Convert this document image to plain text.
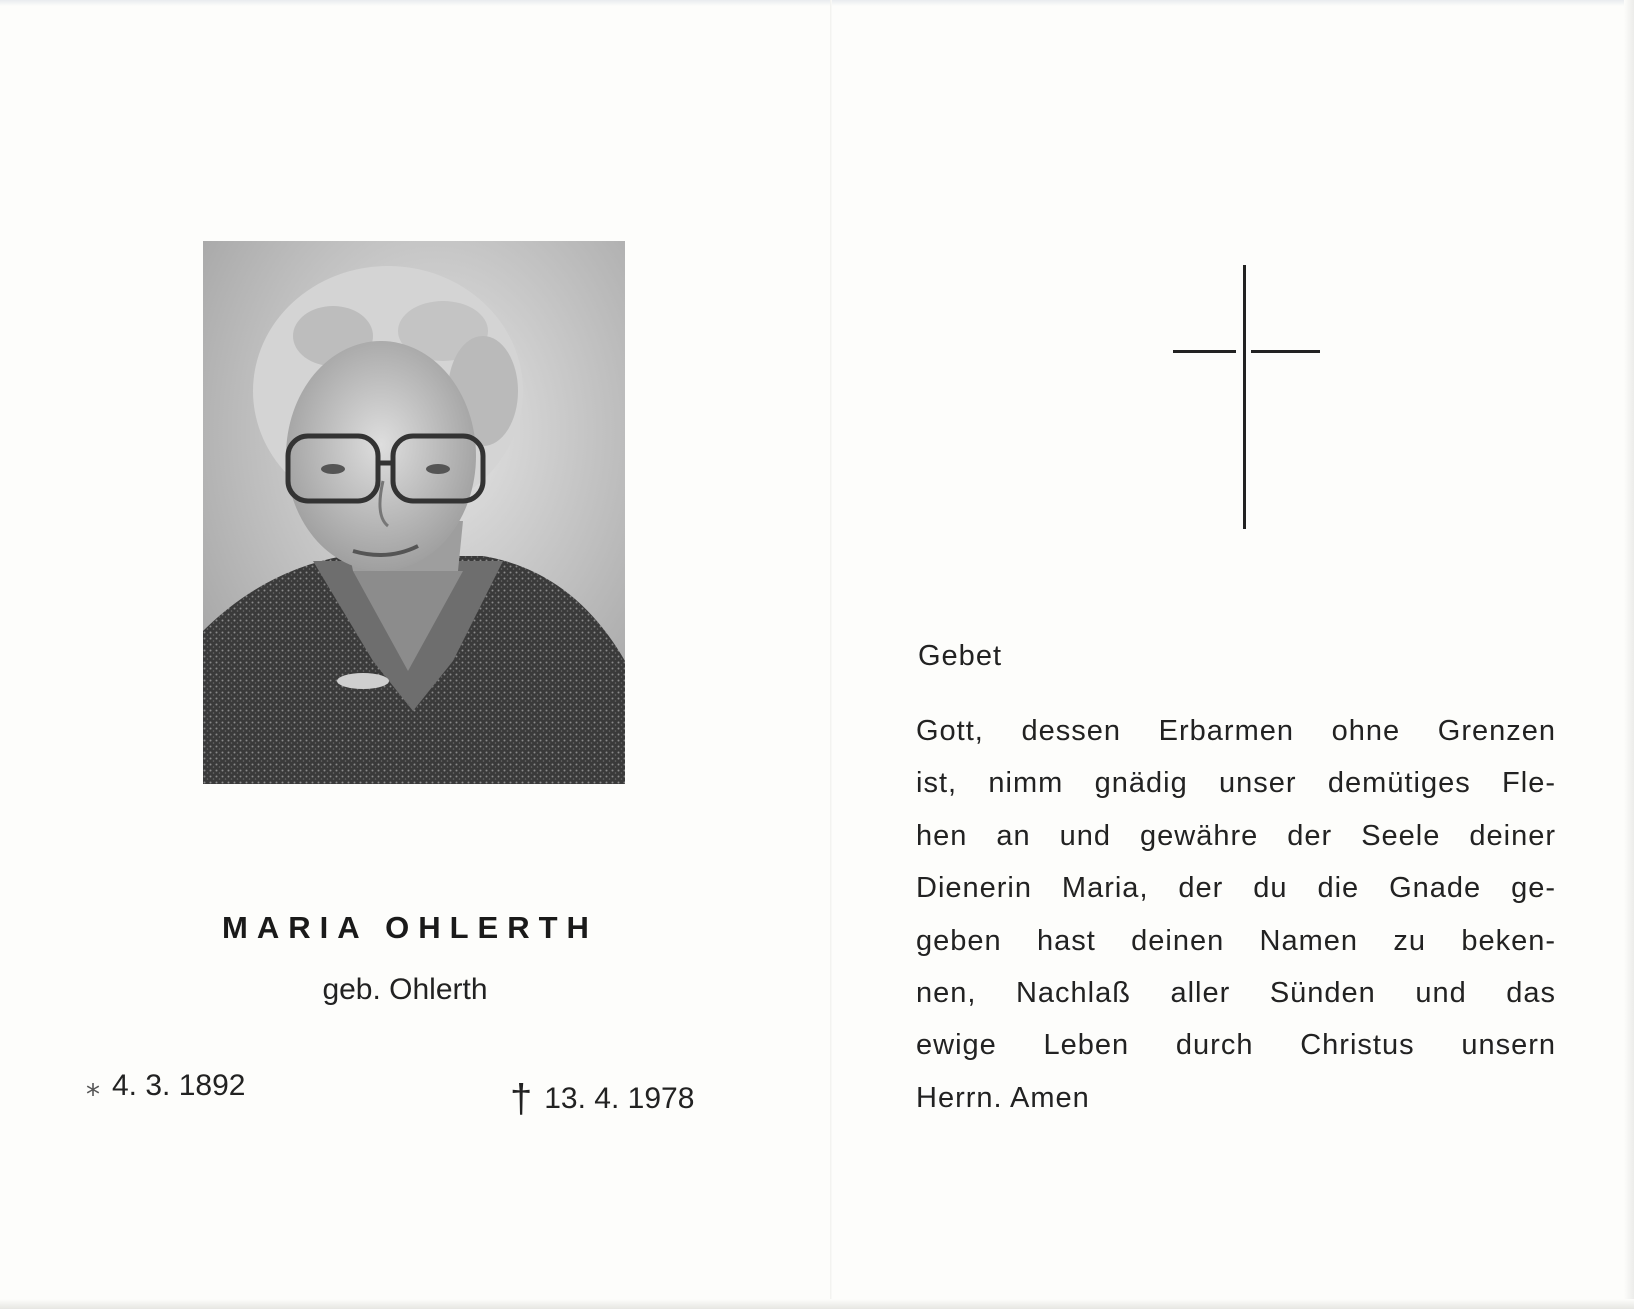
MARIA OHLERTH
geb. Ohlerth
⁎ 4. 3. 1892	† 13. 4. 1978
Gebet
Gott, dessen Erbarmen ohne Grenzen
ist, nimm gnädig unser demütiges Fle-
hen an und gewähre der Seele deiner
Dienerin Maria, der du die Gnade ge-
geben hast deinen Namen zu beken-
nen, Nachlaß aller Sünden und das
ewige Leben durch Christus unsern
Herrn. Amen
